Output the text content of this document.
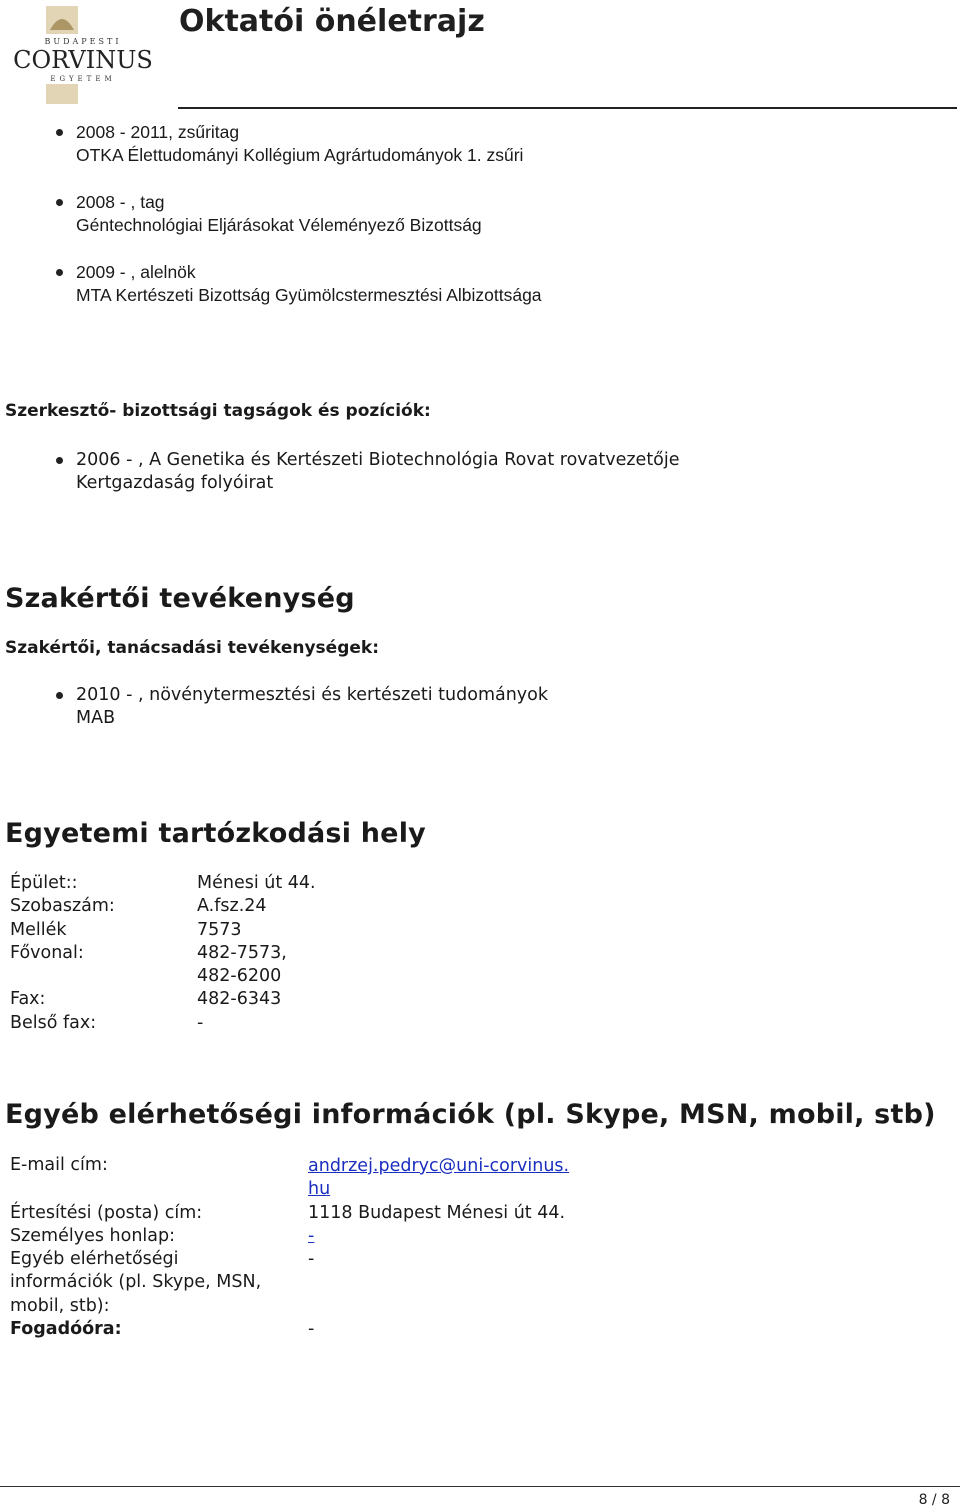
BUDAPESTI
CORVINUS
EGYETEM
Oktatói önéletrajz
2008 - 2011, zsűritag
OTKA Élettudományi Kollégium Agrártudományok 1. zsűri
2008 - , tag
Géntechnológiai Eljárásokat Véleményező Bizottság
2009 - , alelnök
MTA Kertészeti Bizottság Gyümölcstermesztési Albizottsága
Szerkesztő- bizottsági tagságok és pozíciók:
2006 - , A Genetika és Kertészeti Biotechnológia Rovat rovatvezetője
Kertgazdaság folyóirat
Szakértői tevékenység
Szakértői, tanácsadási tevékenységek:
2010 - , növénytermesztési és kertészeti tudományok
MAB
Egyetemi tartózkodási hely
Épület::	Ménesi út 44.
Szobaszám:	A.fsz.24
Mellék	7573
Fővonal:	482-7573,
482-6200
Fax:	482-6343
Belső fax:	-
Egyéb elérhetőségi információk (pl. Skype, MSN, mobil, stb)
E-mail cím:	andrzej.pedryc@uni-corvinus.
hu
Értesítési (posta) cím:	1118 Budapest Ménesi út 44.
Személyes honlap:	-
Egyéb elérhetőségi
információk (pl. Skype, MSN,
mobil, stb):
-
Fogadóóra:	-
8 / 8
